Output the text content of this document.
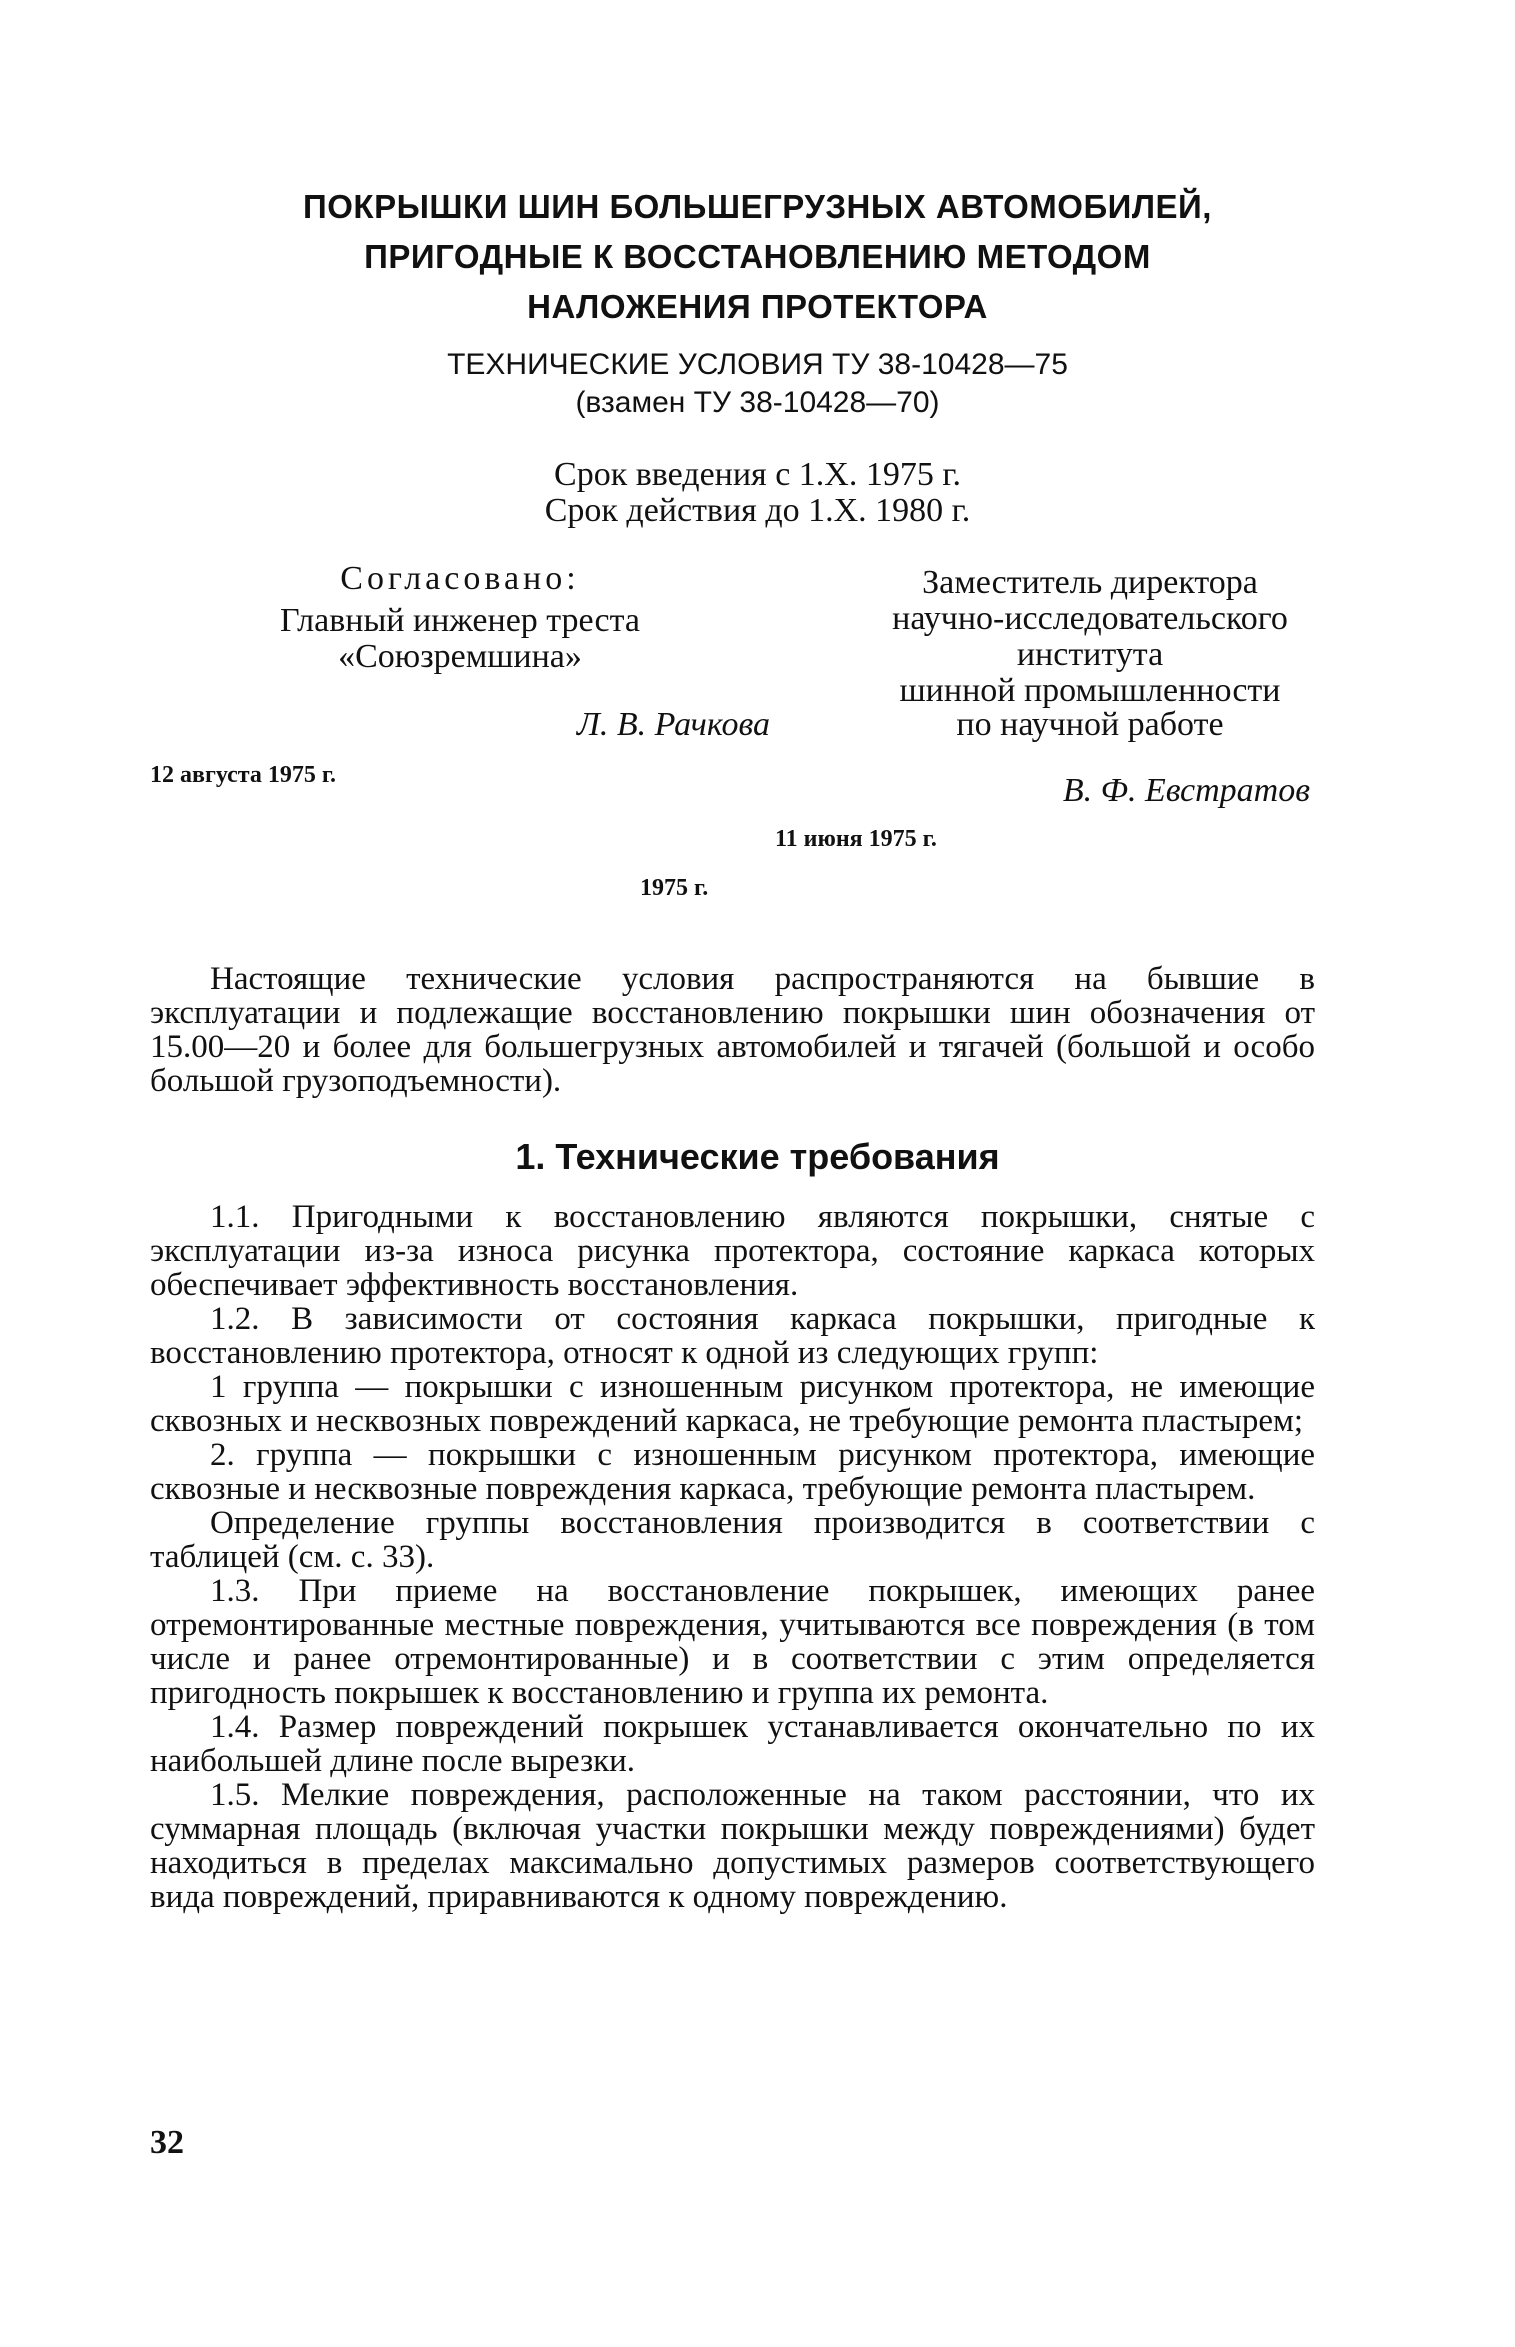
ПОКРЫШКИ ШИН БОЛЬШЕГРУЗНЫХ АВТОМОБИЛЕЙ,
ПРИГОДНЫЕ К ВОССТАНОВЛЕНИЮ МЕТОДОМ
НАЛОЖЕНИЯ ПРОТЕКТОРА
ТЕХНИЧЕСКИЕ УСЛОВИЯ ТУ 38-10428—75
(взамен ТУ 38-10428—70)
Срок введения с 1.X. 1975 г.
Срок действия до 1.X. 1980 г.
Согласовано:
Главный инженер треста
«Союзремшина»
Л. В. Рачкова
12 августа 1975 г.
Заместитель директора
научно-исследовательского
института
шинной промышленности
по научной работе
В. Ф. Евстратов
11 июня 1975 г.
1975 г.

Настоящие технические условия распространяются на бывшие в эксплуатации и подлежащие восстановлению покрышки шин обозначения от 15.00—20 и более для большегрузных автомобилей и тягачей (большой и особо большой грузоподъемности).

1. Технические требования

1.1. Пригодными к восстановлению являются покрышки, снятые с эксплуатации из-за износа рисунка протектора, состояние каркаса которых обеспечивает эффективность восстановления.

1.2. В зависимости от состояния каркаса покрышки, пригодные к восстановлению протектора, относят к одной из следующих групп:

1 группа — покрышки с изношенным рисунком протектора, не имеющие сквозных и несквозных повреждений каркаса, не требующие ремонта пластырем;

2. группа — покрышки с изношенным рисунком протектора, имеющие сквозные и несквозные повреждения каркаса, требующие ремонта пластырем.

Определение группы восстановления производится в соответствии с таблицей (см. с. 33).

1.3. При приеме на восстановление покрышек, имеющих ранее отремонтированные местные повреждения, учитываются все повреждения (в том числе и ранее отремонтированные) и в соответствии с этим определяется пригодность покрышек к восстановлению и группа их ремонта.

1.4. Размер повреждений покрышек устанавливается окончательно по их наибольшей длине после вырезки.

1.5. Мелкие повреждения, расположенные на таком расстоянии, что их суммарная площадь (включая участки покрышки между повреждениями) будет находиться в пределах максимально допустимых размеров соответствующего вида повреждений, приравниваются к одному повреждению.

32
